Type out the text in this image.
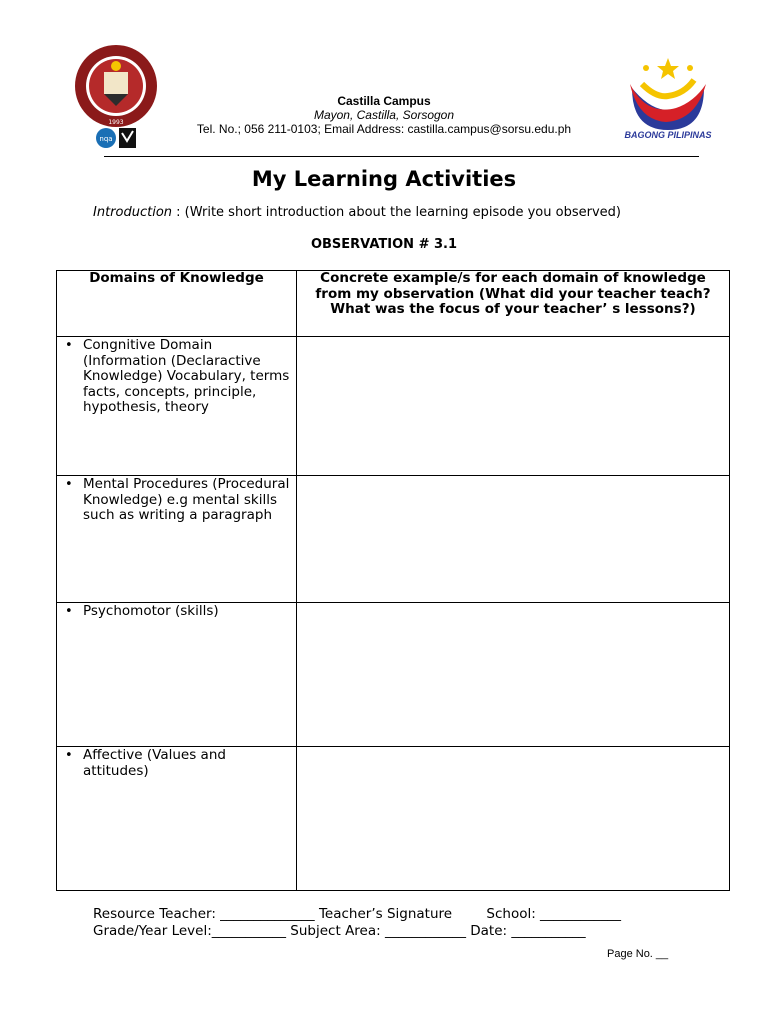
1993
nqa
Castilla Campus
Mayon, Castilla, Sorsogon
Tel. No.; 056 211-0103; Email Address: castilla.campus@sorsu.edu.ph	BAGONG PILIPINAS
My Learning Activities
Introduction : (Write short introduction about the learning episode you observed)
OBSERVATION # 3.1
Domains of Knowledge	Concrete example/s for each domain of knowledge from my observation (What did your teacher teach? What was the focus of your teacher’ s lessons?)

• Congnitive Domain (Information (Declaractive Knowledge) Vocabulary, terms facts, concepts, principle, hypothesis, theory	

• Mental Procedures (Procedural Knowledge) e.g mental skills such as writing a paragraph	

• Psychomotor (skills)	

• Affective (Values and attitudes)	

Resource Teacher: ______________ Teacher’s Signature        School: ____________
Grade/Year Level:___________ Subject Area: ____________ Date: ___________
Page No. __
